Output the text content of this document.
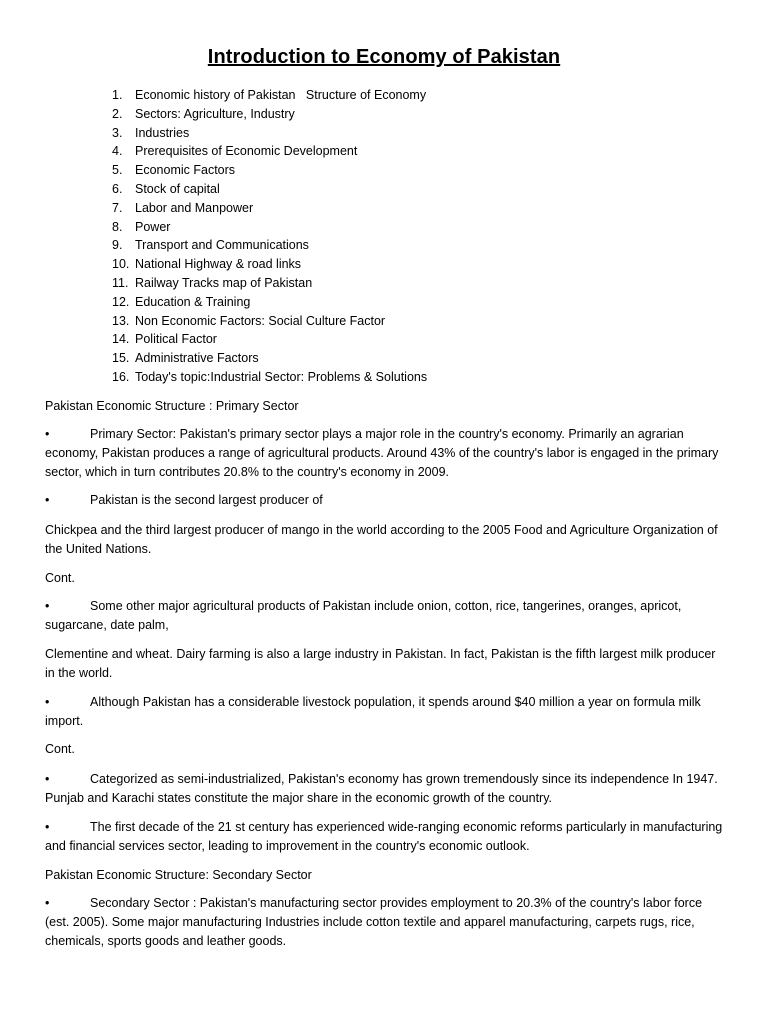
Introduction to Economy of Pakistan
1.	Economic history of Pakistan   Structure of Economy
2.	Sectors: Agriculture, Industry
3.	Industries
4.	Prerequisites of Economic Development
5.	Economic Factors
6.	Stock of capital
7.	Labor and Manpower
8.	Power
9.	Transport and Communications
10. National Highway & road links
11. Railway Tracks map of Pakistan
12. Education & Training
13. Non Economic Factors: Social Culture Factor
14. Political Factor
15. Administrative Factors
16. Today's topic:Industrial Sector: Problems & Solutions

Pakistan Economic Structure : Primary Sector

•	Primary Sector: Pakistan's primary sector plays a major role in the country's economy. Primarily an agrarian economy, Pakistan produces a range of agricultural products. Around 43% of the country's labor is engaged in the primary sector, which in turn contributes 20.8% to the country's economy in 2009.

•	Pakistan is the second largest producer of

Chickpea and the third largest producer of mango in the world according to the 2005 Food and Agriculture Organization of the United Nations.

Cont.

•	Some other major agricultural products of Pakistan include onion, cotton, rice, tangerines, oranges, apricot, sugarcane, date palm,

Clementine and wheat. Dairy farming is also a large industry in Pakistan. In fact, Pakistan is the fifth largest milk producer in the world.

•	Although Pakistan has a considerable livestock population, it spends around $40 million a year on formula milk import.

Cont.

•	Categorized as semi-industrialized, Pakistan's economy has grown tremendously since its independence In 1947. Punjab and Karachi states constitute the major share in the economic growth of the country.

•	The first decade of the 21 st century has experienced wide-ranging economic reforms particularly in manufacturing and financial services sector, leading to improvement in the country's economic outlook.

Pakistan Economic Structure: Secondary Sector

•	Secondary Sector : Pakistan's manufacturing sector provides employment to 20.3% of the country's labor force (est. 2005). Some major manufacturing Industries include cotton textile and apparel manufacturing, carpets rugs, rice, chemicals, sports goods and leather goods.
